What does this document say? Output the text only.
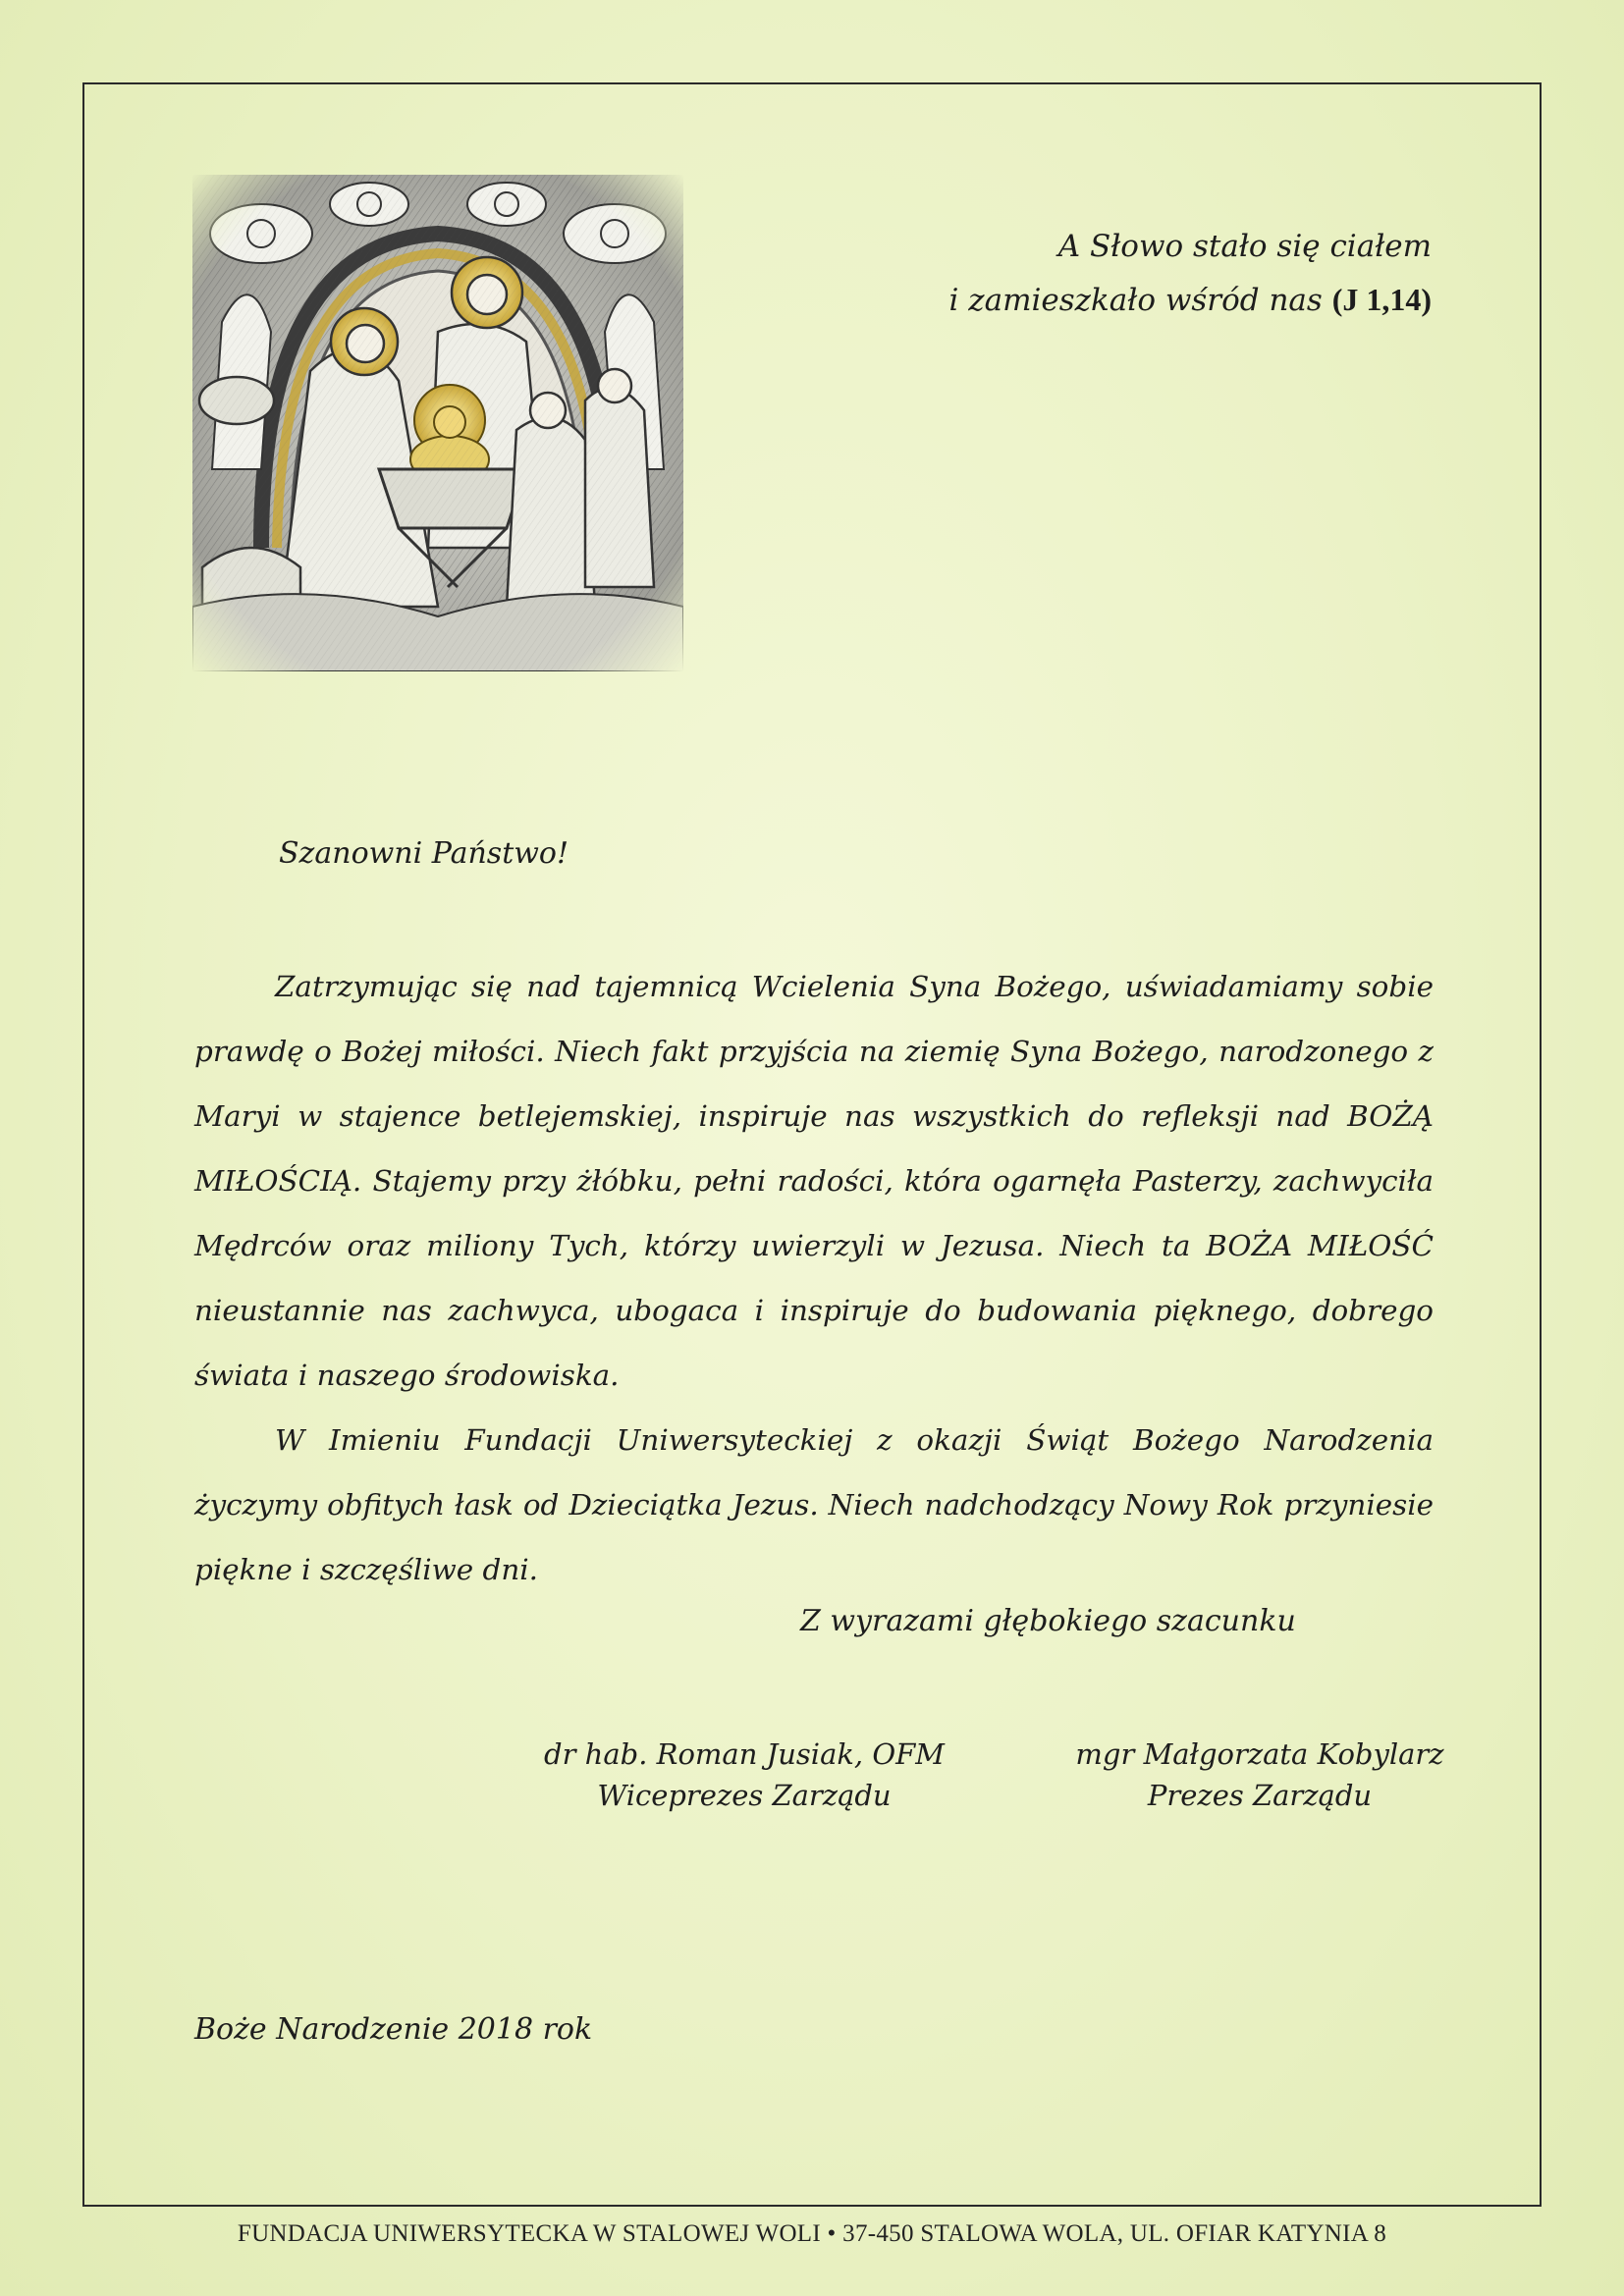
A Słowo stało się ciałem
i zamieszkało wśród nas (J 1,14)
Szanowni Państwo!

Zatrzymując się nad tajemnicą Wcielenia Syna Bożego, uświadamiamy sobie prawdę o Bożej miłości. Niech fakt przyjścia na ziemię Syna Bożego, narodzonego z Maryi w stajence betlejemskiej, inspiruje nas wszystkich do refleksji nad BOŻĄ MIŁOŚCIĄ. Stajemy przy żłóbku, pełni radości, która ogarnęła Pasterzy, zachwyciła Mędrców oraz miliony Tych, którzy uwierzyli w Jezusa. Niech ta BOŻA MIŁOŚĆ nieustannie nas zachwyca, ubogaca i inspiruje do budowania pięknego, dobrego świata i naszego środowiska.

W Imieniu Fundacji Uniwersyteckiej z okazji Świąt Bożego Narodzenia życzymy obfitych łask od Dzieciątka Jezus. Niech nadchodzący Nowy Rok przyniesie piękne i szczęśliwe dni.

Z wyrazami głębokiego szacunku
dr hab. Roman Jusiak, OFM
Wiceprezes Zarządu
mgr Małgorzata Kobylarz
Prezes Zarządu
Boże Narodzenie 2018 rok
FUNDACJA UNIWERSYTECKA W STALOWEJ WOLI • 37-450 STALOWA WOLA, UL. OFIAR KATYNIA 8
